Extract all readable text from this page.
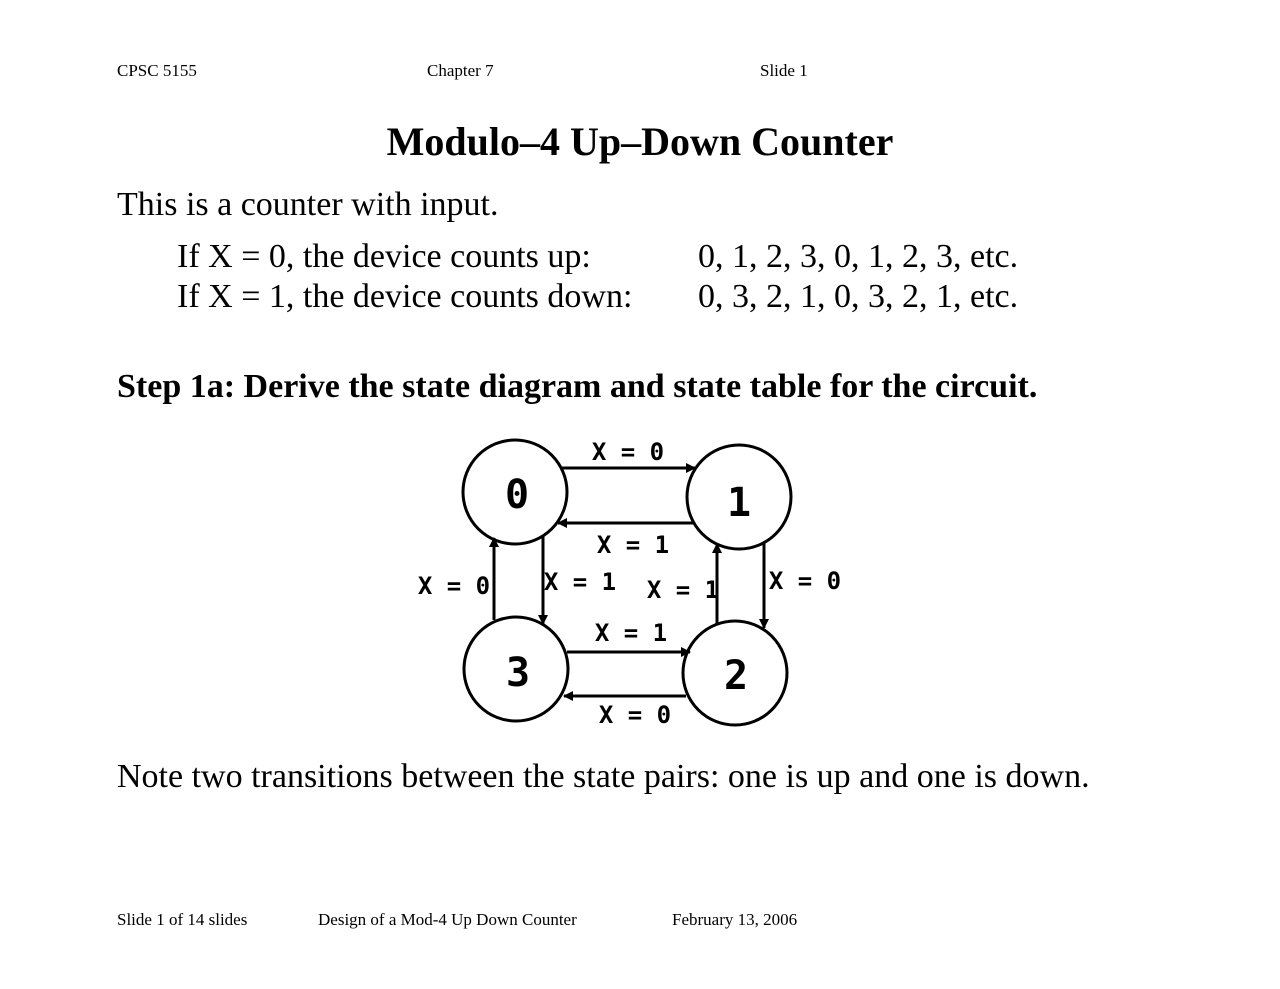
CPSC 5155	Chapter 7	Slide 1
Modulo–4 Up–Down Counter
This is a counter with input.
If X = 0, the device counts up:	0, 1, 2, 3, 0, 1, 2, 3, etc.
If X = 1, the device counts down: 0, 3, 2, 1, 0, 3, 2, 1, etc.
Step 1a: Derive the state diagram and state table for the circuit.
0	1
2
3
X = 0
X = 1
X = 0
X = 1
X = 1
X = 0
X = 0 X = 1
Note two transitions between the state pairs: one is up and one is down.
Slide 1 of 14 slides	Design of a Mod-4 Up Down Counter	February 13, 2006
